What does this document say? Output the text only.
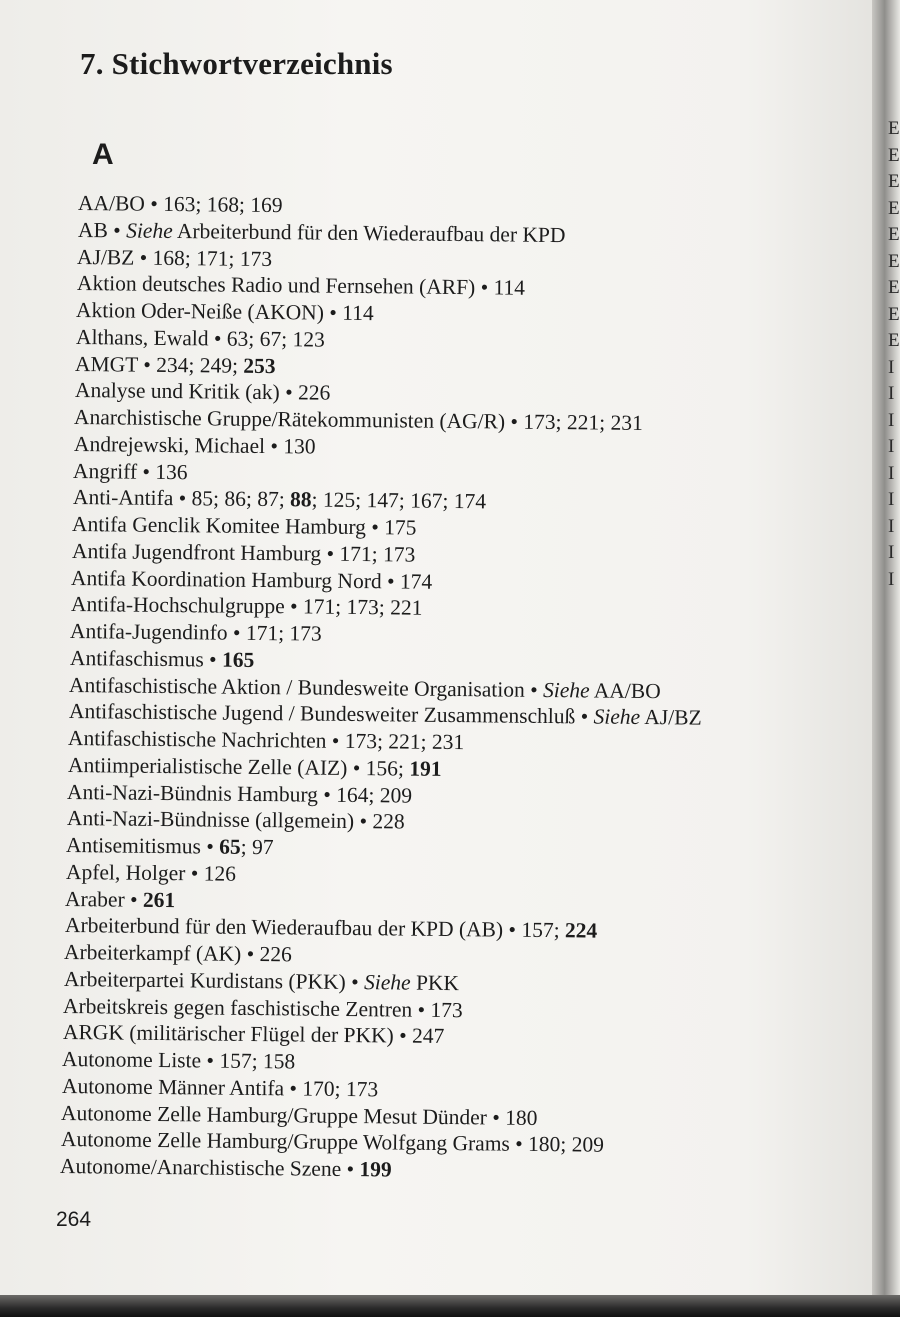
7. Stichwortverzeichnis
A
AA/BO • 163; 168; 169
AB • Siehe Arbeiterbund für den Wiederaufbau der KPD
AJ/BZ • 168; 171; 173
Aktion deutsches Radio und Fernsehen (ARF) • 114
Aktion Oder-Neiße (AKON) • 114
Althans, Ewald • 63; 67; 123
AMGT • 234; 249; 253
Analyse und Kritik (ak) • 226
Anarchistische Gruppe/Rätekommunisten (AG/R) • 173; 221; 231
Andrejewski, Michael • 130
Angriff • 136
Anti-Antifa • 85; 86; 87; 88; 125; 147; 167; 174
Antifa Genclik Komitee Hamburg • 175
Antifa Jugendfront Hamburg • 171; 173
Antifa Koordination Hamburg Nord • 174
Antifa-Hochschulgruppe • 171; 173; 221
Antifa-Jugendinfo • 171; 173
Antifaschismus • 165
Antifaschistische Aktion / Bundesweite Organisation • Siehe AA/BO
Antifaschistische Jugend / Bundesweiter Zusammenschluß • Siehe AJ/BZ
Antifaschistische Nachrichten • 173; 221; 231
Antiimperialistische Zelle (AIZ) • 156; 191
Anti-Nazi-Bündnis Hamburg • 164; 209
Anti-Nazi-Bündnisse (allgemein) • 228
Antisemitismus • 65; 97
Apfel, Holger • 126
Araber • 261
Arbeiterbund für den Wiederaufbau der KPD (AB) • 157; 224
Arbeiterkampf (AK) • 226
Arbeiterpartei Kurdistans (PKK) • Siehe PKK
Arbeitskreis gegen faschistische Zentren • 173
ARGK (militärischer Flügel der PKK) • 247
Autonome Liste • 157; 158
Autonome Männer Antifa • 170; 173
Autonome Zelle Hamburg/Gruppe Mesut Dünder • 180
Autonome Zelle Hamburg/Gruppe Wolfgang Grams • 180; 209
Autonome/Anarchistische Szene • 199
264
E
E
E
E
E
E
E
E
E
I
I
I
I
I
I
I
I
I
